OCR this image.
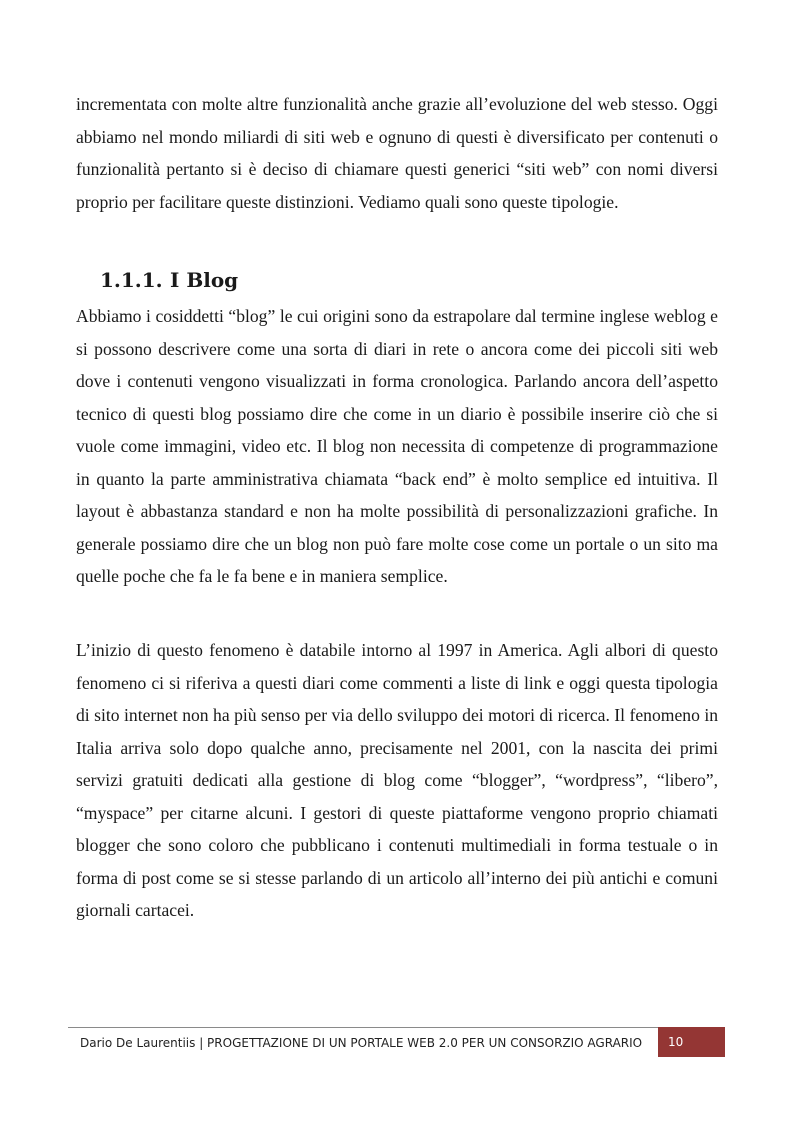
incrementata con molte altre funzionalità anche grazie all’evoluzione del web stesso. Oggi abbiamo nel mondo miliardi di siti web e ognuno di questi è diversificato per contenuti o funzionalità pertanto si è deciso di chiamare questi generici “siti web” con nomi diversi proprio per facilitare queste distinzioni. Vediamo quali sono queste tipologie.

1.1.1. I Blog

Abbiamo i cosiddetti “blog” le cui origini sono da estrapolare dal termine inglese weblog e si possono descrivere come una sorta di diari in rete o ancora come dei piccoli siti web dove i contenuti vengono visualizzati in forma cronologica. Parlando ancora dell’aspetto tecnico di questi blog possiamo dire che come in un diario è possibile inserire ciò che si vuole come immagini, video etc. Il blog non necessita di competenze di programmazione in quanto la parte amministrativa chiamata “back end” è molto semplice ed intuitiva. Il layout è abbastanza standard e non ha molte possibilità di personalizzazioni grafiche. In generale possiamo dire che un blog non può fare molte cose come un portale o un sito ma quelle poche che fa le fa bene e in maniera semplice.

L’inizio di questo fenomeno è databile intorno al 1997 in America. Agli albori di questo fenomeno ci si riferiva a questi diari come commenti a liste di link e oggi questa tipologia di sito internet non ha più senso per via dello sviluppo dei motori di ricerca. Il fenomeno in Italia arriva solo dopo qualche anno, precisamente nel 2001, con la nascita dei primi servizi gratuiti dedicati alla gestione di blog come “blogger”, “wordpress”, “libero”, “myspace” per citarne alcuni. I gestori di queste piattaforme vengono proprio chiamati blogger che sono coloro che pubblicano i contenuti multimediali in forma testuale o in forma di post come se si stesse parlando di un articolo all’interno dei più antichi e comuni giornali cartacei.

Dario De Laurentiis | PROGETTAZIONE DI UN PORTALE WEB 2.0 PER UN CONSORZIO AGRARIO	10
